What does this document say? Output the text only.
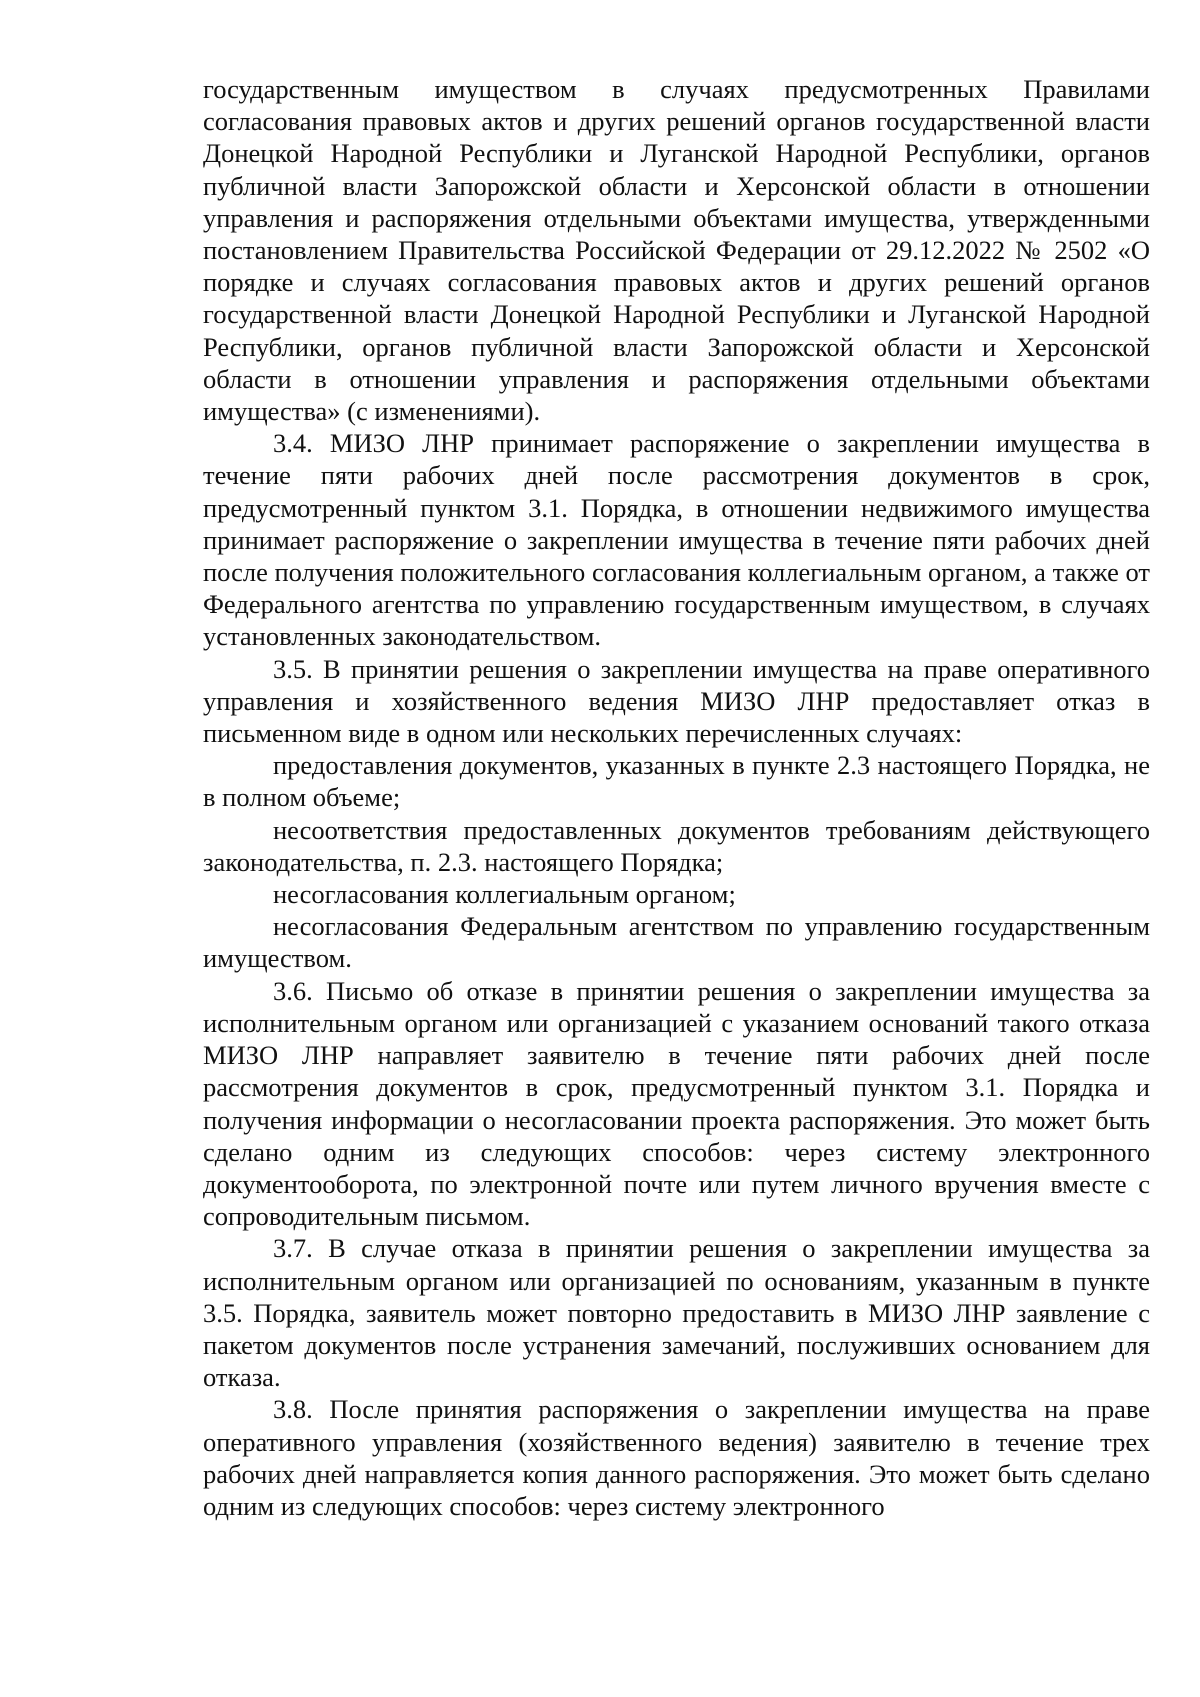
государственным имуществом в случаях предусмотренных Правилами согласования правовых актов и других решений органов государственной власти Донецкой Народной Республики и Луганской Народной Республики, органов публичной власти Запорожской области и Херсонской области в отношении управления и распоряжения отдельными объектами имущества, утвержденными постановлением Правительства Российской Федерации от 29.12.2022 № 2502 «О порядке и случаях согласования правовых актов и других решений органов государственной власти Донецкой Народной Республики и Луганской Народной Республики, органов публичной власти Запорожской области и Херсонской области в отношении управления и распоряжения отдельными объектами имущества» (с изменениями).

3.4. МИЗО ЛНР принимает распоряжение о закреплении имущества в течение пяти рабочих дней после рассмотрения документов в срок, предусмотренный пунктом 3.1. Порядка, в отношении недвижимого имущества принимает распоряжение о закреплении имущества в течение пяти рабочих дней после получения положительного согласования коллегиальным органом, а также от Федерального агентства по управлению государственным имуществом, в случаях установленных законодательством.

3.5. В принятии решения о закреплении имущества на праве оперативного управления и хозяйственного ведения МИЗО ЛНР предоставляет отказ в письменном виде в одном или нескольких перечисленных случаях:

предоставления документов, указанных в пункте 2.3 настоящего Порядка, не в полном объеме;

несоответствия предоставленных документов требованиям действующего законодательства, п. 2.3. настоящего Порядка;

несогласования коллегиальным органом;

несогласования Федеральным агентством по управлению государственным имуществом.

3.6. Письмо об отказе в принятии решения о закреплении имущества за исполнительным органом или организацией с указанием оснований такого отказа МИЗО ЛНР направляет заявителю в течение пяти рабочих дней после рассмотрения документов в срок, предусмотренный пунктом 3.1. Порядка и получения информации о несогласовании проекта распоряжения. Это может быть сделано одним из следующих способов: через систему электронного документооборота, по электронной почте или путем личного вручения вместе с сопроводительным письмом.

3.7. В случае отказа в принятии решения о закреплении имущества за исполнительным органом или организацией по основаниям, указанным в пункте 3.5. Порядка, заявитель может повторно предоставить в МИЗО ЛНР заявление с пакетом документов после устранения замечаний, послуживших основанием для отказа.

3.8. После принятия распоряжения о закреплении имущества на праве оперативного управления (хозяйственного ведения) заявителю в течение трех рабочих дней направляется копия данного распоряжения. Это может быть сделано одним из следующих способов: через систему электронного
